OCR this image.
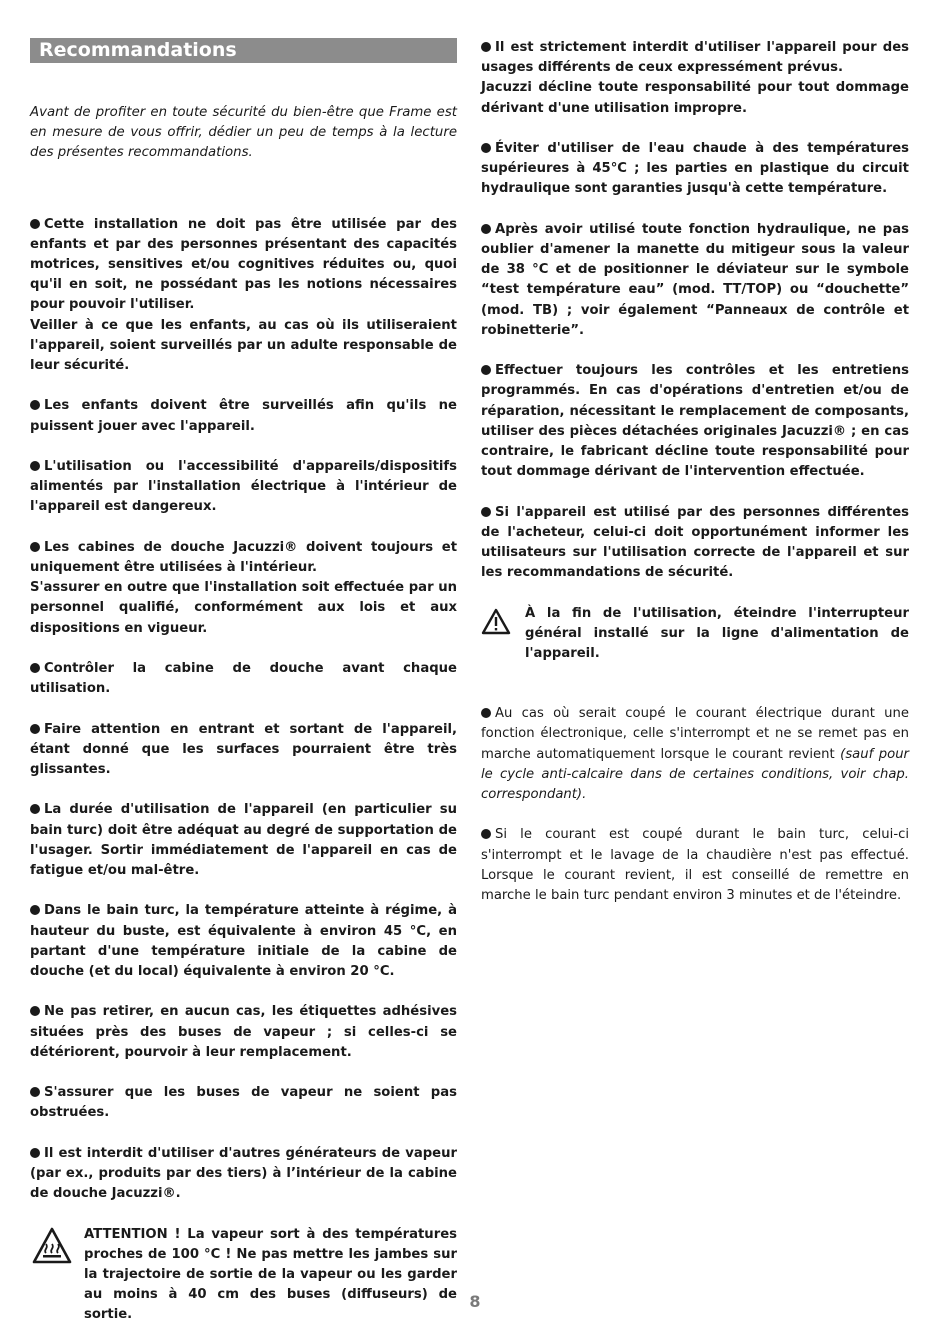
Recommandations

Avant de profiter en toute sécurité du bien-être que Frame est en mesure de vous offrir, dédier un peu de temps à la lecture des présentes recommandations.

Cette installation ne doit pas être utilisée par des enfants et par des personnes présentant des capacités motrices, sensitives et/ou cognitives réduites ou, quoi qu'il en soit, ne possédant pas les notions nécessaires pour pouvoir l'utiliser.

Veiller à ce que les enfants, au cas où ils utiliseraient l'appareil, soient surveillés par un adulte responsable de leur sécurité.

Les enfants doivent être surveillés afin qu'ils ne puissent jouer avec l'appareil.

L'utilisation ou l'accessibilité d'appareils/dispositifs alimentés par l'installation électrique à l'intérieur de l'appareil est dangereux.

Les cabines de douche Jacuzzi® doivent toujours et uniquement être utilisées à l'intérieur.

S'assurer en outre que l'installation soit effectuée par un personnel qualifié, conformément aux lois et aux dispositions en vigueur.

Contrôler la cabine de douche avant chaque utilisation.

Faire attention en entrant et sortant de l'appareil, étant donné que les surfaces pourraient être très glissantes.

La durée d'utilisation de l'appareil (en particulier su bain turc) doit être adéquat au degré de supportation de l'usager. Sortir immédiatement de l'appareil en cas de fatigue et/ou mal-être.

Dans le bain turc, la température atteinte à régime, à hauteur du buste, est équivalente à environ 45 °C, en partant d'une température initiale de la cabine de douche (et du local) équivalente à environ 20 °C.

Ne pas retirer, en aucun cas, les étiquettes adhésives situées près des buses de vapeur ; si celles-ci se détériorent, pourvoir à leur remplacement.

S'assurer que les buses de vapeur ne soient pas obstruées.

Il est interdit d'utiliser d'autres générateurs de vapeur (par ex., produits par des tiers) à l’intérieur de la cabine de douche Jacuzzi®.

ATTENTION ! La vapeur sort à des températures proches de 100 °C ! Ne pas mettre les jambes sur la trajectoire de sortie de la vapeur ou les garder au moins à 40 cm des buses (diffuseurs) de sortie.

Il est strictement interdit d'utiliser l'appareil pour des usages différents de ceux expressément prévus.

Jacuzzi décline toute responsabilité pour tout dommage dérivant d'une utilisation impropre.

Éviter d'utiliser de l'eau chaude à des températures supérieures à 45°C ; les parties en plastique du circuit hydraulique sont garanties jusqu'à cette température.

Après avoir utilisé toute fonction hydraulique, ne pas oublier d'amener la manette du mitigeur sous la valeur de 38 °C et de positionner le déviateur sur le symbole “test température eau” (mod. TT/TOP) ou “douchette” (mod. TB) ; voir également “Panneaux de contrôle et robinetterie”.

Effectuer toujours les contrôles et les entretiens programmés. En cas d'opérations d'entretien et/ou de réparation, nécessitant le remplacement de composants, utiliser des pièces détachées originales Jacuzzi® ; en cas contraire, le fabricant décline toute responsabilité pour tout dommage dérivant de l'intervention effectuée.

Si l'appareil est utilisé par des personnes différentes de l'acheteur, celui-ci doit opportunément informer les utilisateurs sur l'utilisation correcte de l'appareil et sur les recommandations de sécurité.

À la fin de l'utilisation, éteindre l'interrupteur général installé sur la ligne d'alimentation de l'appareil.

Au cas où serait coupé le courant électrique durant une fonction électronique, celle s'interrompt et ne se remet pas en marche automatiquement lorsque le courant revient (sauf pour le cycle anti-calcaire dans de certaines conditions, voir chap. correspondant).

Si le courant est coupé durant le bain turc, celui-ci s'interrompt et le lavage de la chaudière n'est pas effectué. Lorsque le courant revient, il est conseillé de remettre en marche le bain turc pendant environ 3 minutes et de l'éteindre.

8
